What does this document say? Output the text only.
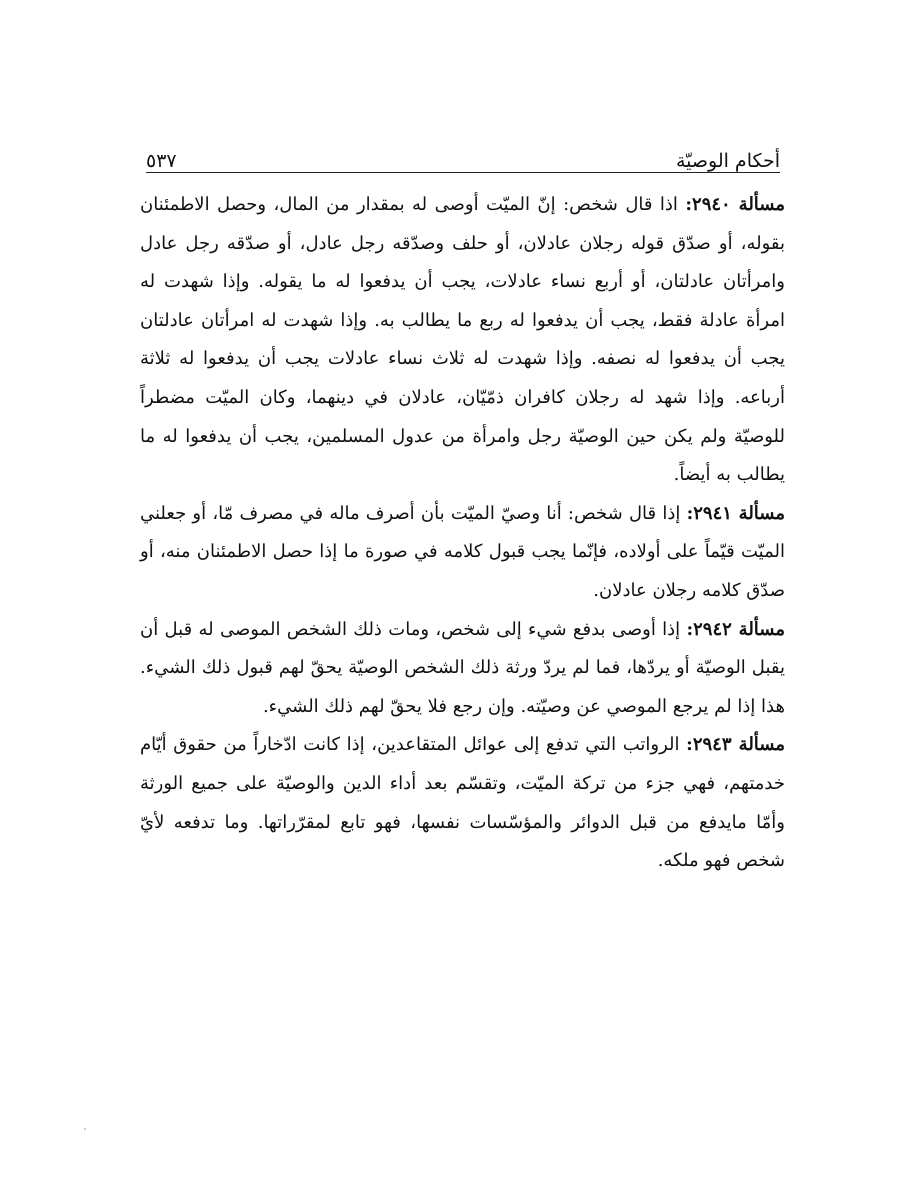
أحكام الوصيّة
٥٣٧

مسألة ٢٩٤٠: اذا قال شخص: إنّ الميّت أوصى له بمقدار من المال، وحصل الاطمئنان بقوله، أو صدّق قوله رجلان عادلان، أو حلف وصدّقه رجل عادل، أو صدّقه رجل عادل وامرأتان عادلتان، أو أربع نساء عادلات، يجب أن يدفعوا له ما يقوله. وإذا شهدت له امرأة عادلة فقط، يجب أن يدفعوا له ربع ما يطالب به. وإذا شهدت له امرأتان عادلتان يجب أن يدفعوا له نصفه. وإذا شهدت له ثلاث نساء عادلات يجب أن يدفعوا له ثلاثة أرباعه. وإذا شهد له رجلان كافران ذمّيّان، عادلان في دينهما، وكان الميّت مضطراً للوصيّة ولم يكن حين الوصيّة رجل وامرأة من عدول المسلمين، يجب أن يدفعوا له ما يطالب به أيضاً.

مسألة ٢٩٤١: إذا قال شخص: أنا وصيّ الميّت بأن أصرف ماله في مصرف مّا، أو جعلني الميّت قيّماً على أولاده، فإنّما يجب قبول كلامه في صورة ما إذا حصل الاطمئنان منه، أو صدّق كلامه رجلان عادلان.

مسألة ٢٩٤٢: إذا أوصى بدفع شيء إلى شخص، ومات ذلك الشخص الموصى له قبل أن يقبل الوصيّة أو يردّها، فما لم يردّ ورثة ذلك الشخص الوصيّة يحقّ لهم قبول ذلك الشيء. هذا إذا لم يرجع الموصي عن وصيّته. وإن رجع فلا يحقّ لهم ذلك الشيء.

مسألة ٢٩٤٣: الرواتب التي تدفع إلى عوائل المتقاعدين، إذا كانت ادّخاراً من حقوق أيّام خدمتهم، فهي جزء من تركة الميّت، وتقسّم بعد أداء الدين والوصيّة على جميع الورثة وأمّا مايدفع من قبل الدوائر والمؤسّسات نفسها، فهو تابع لمقرّراتها. وما تدفعه لأيّ شخص فهو ملكه.
